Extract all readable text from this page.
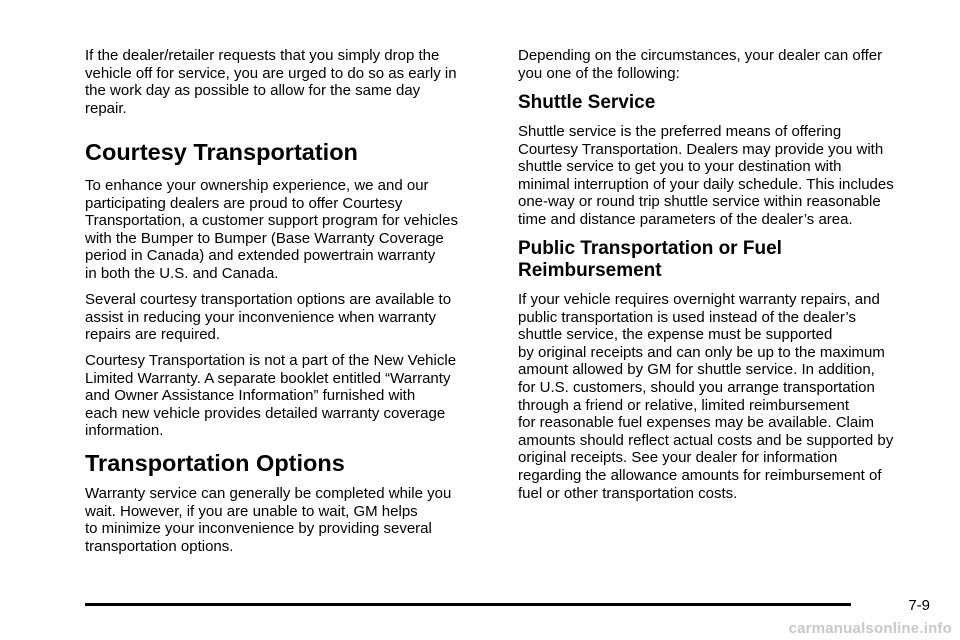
If the dealer/retailer requests that you simply drop the
vehicle off for service, you are urged to do so as early in
the work day as possible to allow for the same day
repair.

Courtesy Transportation

To enhance your ownership experience, we and our
participating dealers are proud to offer Courtesy
Transportation, a customer support program for vehicles
with the Bumper to Bumper (Base Warranty Coverage
period in Canada) and extended powertrain warranty
in both the U.S. and Canada.

Several courtesy transportation options are available to
assist in reducing your inconvenience when warranty
repairs are required.

Courtesy Transportation is not a part of the New Vehicle
Limited Warranty. A separate booklet entitled “Warranty
and Owner Assistance Information” furnished with
each new vehicle provides detailed warranty coverage
information.

Transportation Options

Warranty service can generally be completed while you
wait. However, if you are unable to wait, GM helps
to minimize your inconvenience by providing several
transportation options.

Depending on the circumstances, your dealer can offer
you one of the following:

Shuttle Service

Shuttle service is the preferred means of offering
Courtesy Transportation. Dealers may provide you with
shuttle service to get you to your destination with
minimal interruption of your daily schedule. This includes
one-way or round trip shuttle service within reasonable
time and distance parameters of the dealer’s area.

Public Transportation or Fuel
Reimbursement

If your vehicle requires overnight warranty repairs, and
public transportation is used instead of the dealer’s
shuttle service, the expense must be supported
by original receipts and can only be up to the maximum
amount allowed by GM for shuttle service. In addition,
for U.S. customers, should you arrange transportation
through a friend or relative, limited reimbursement
for reasonable fuel expenses may be available. Claim
amounts should reflect actual costs and be supported by
original receipts. See your dealer for information
regarding the allowance amounts for reimbursement of
fuel or other transportation costs.

7-9
carmanualsonline.info
